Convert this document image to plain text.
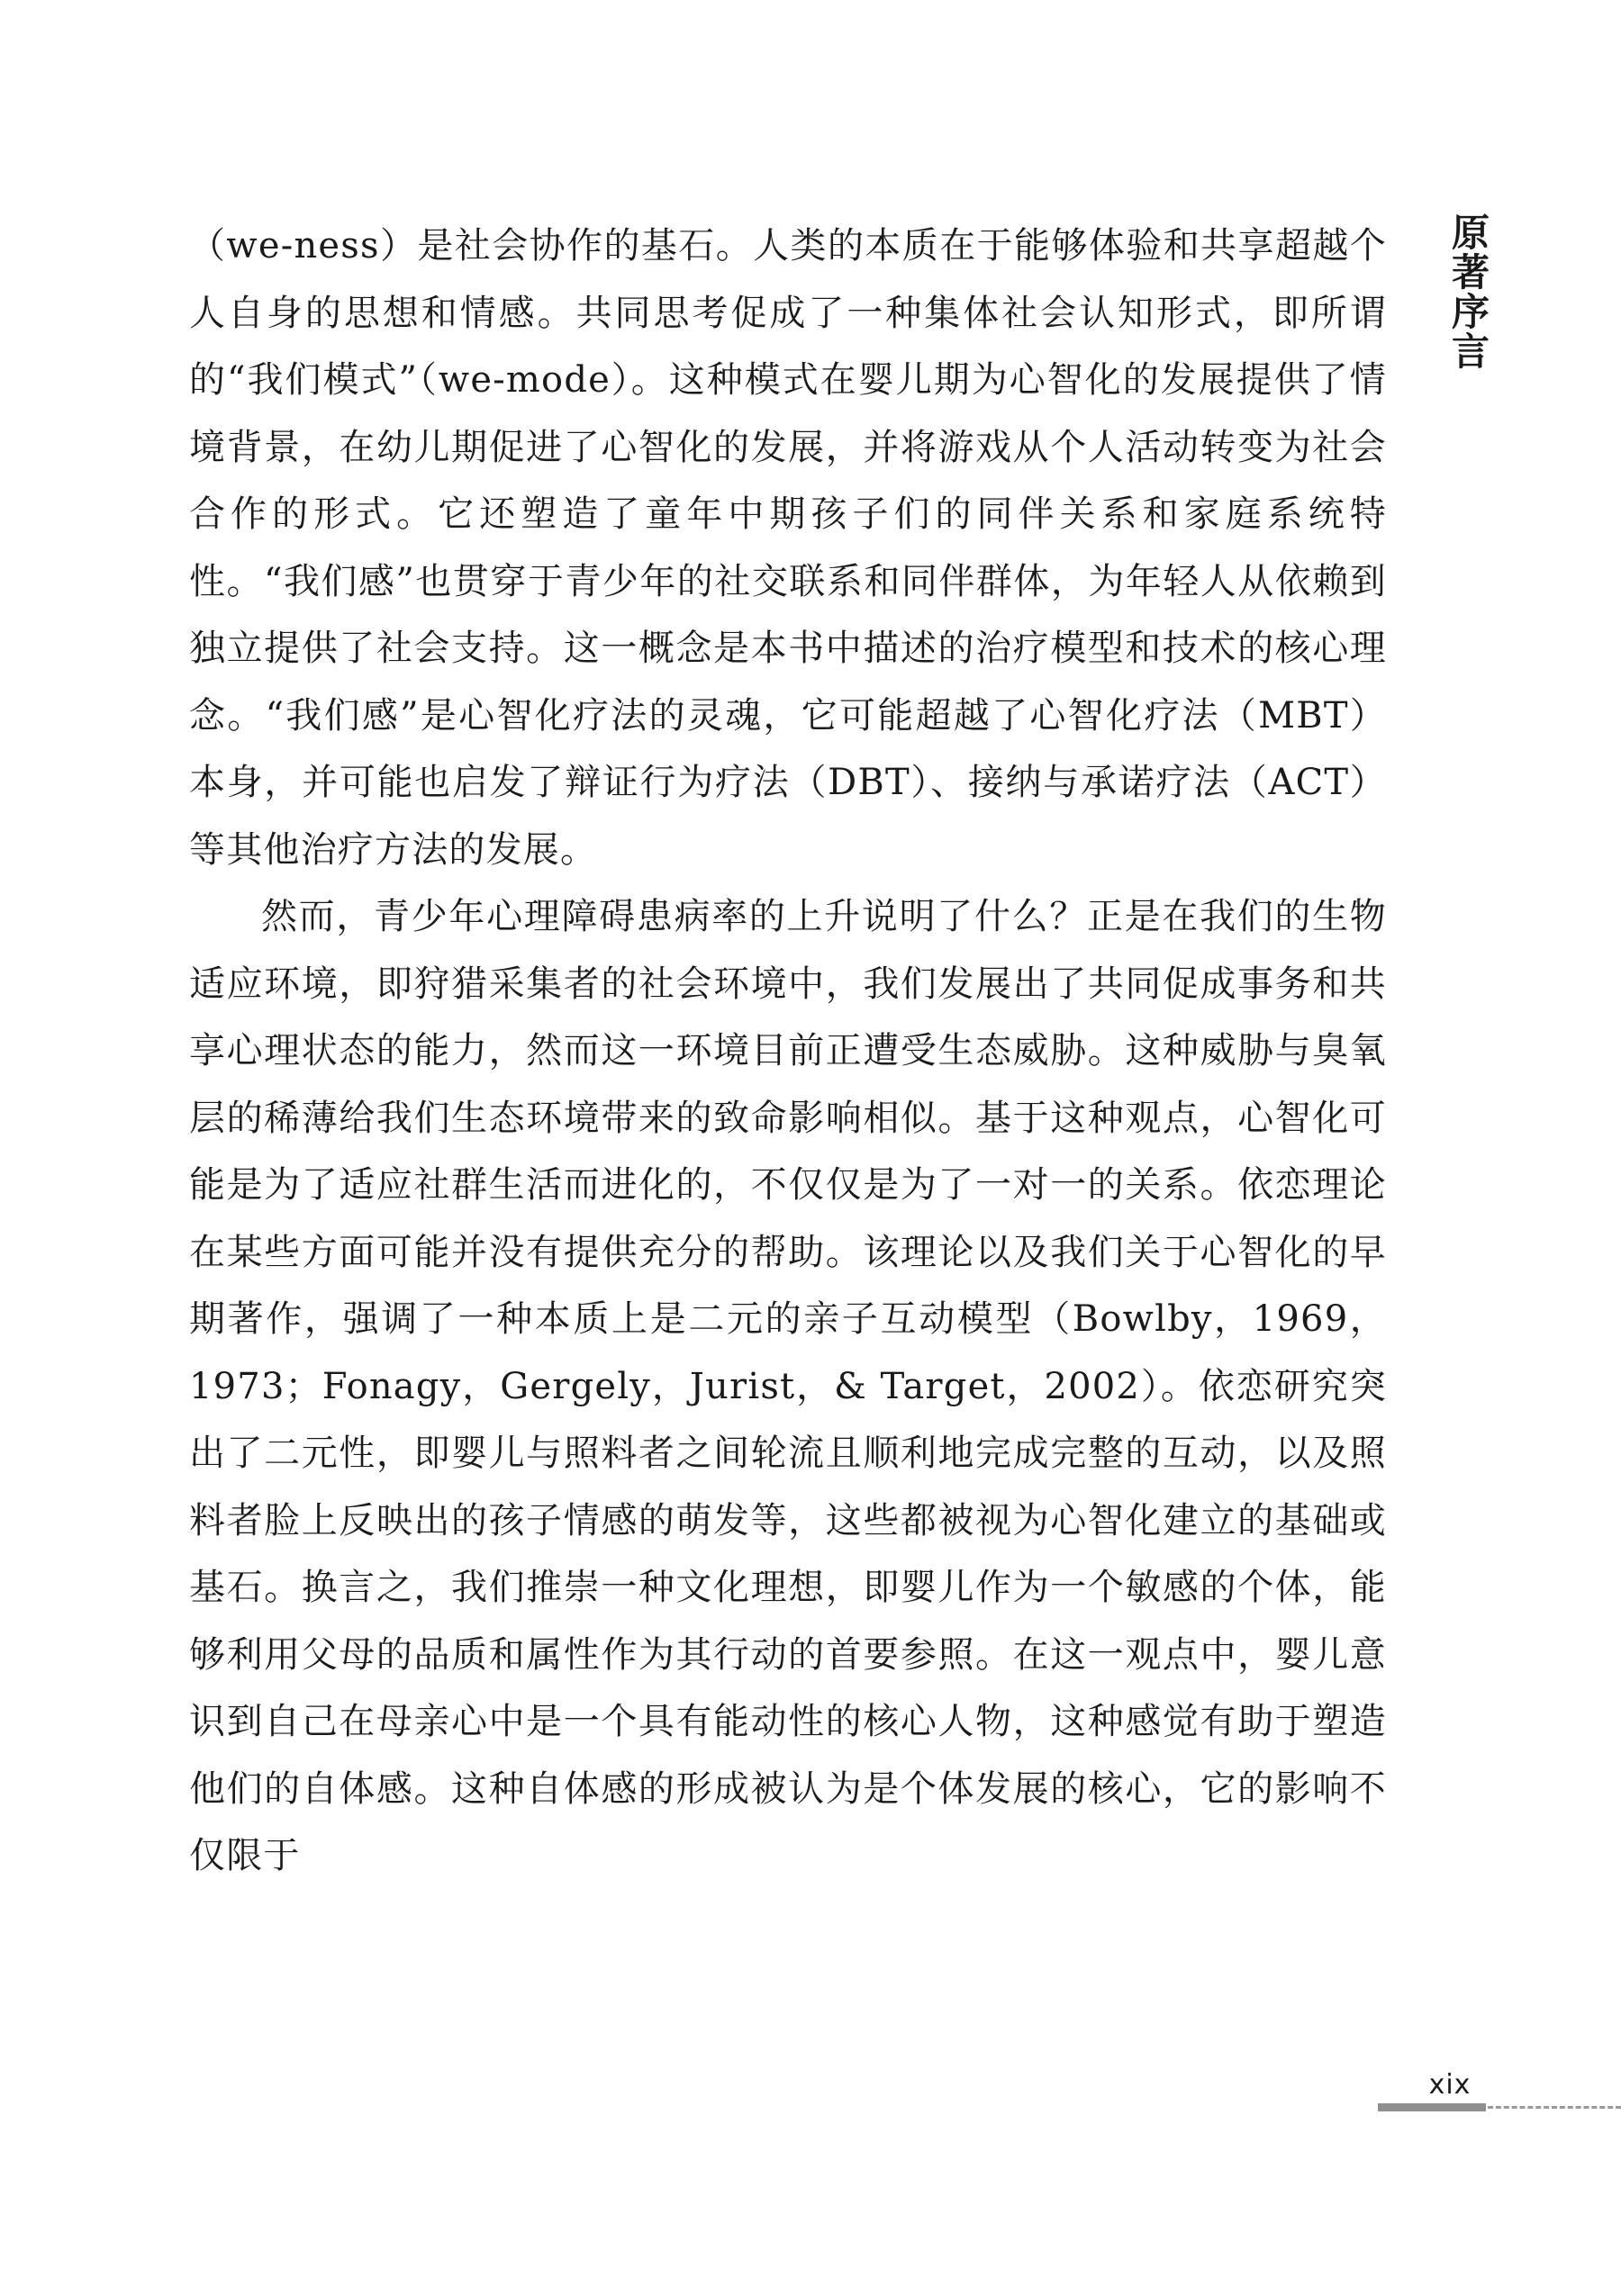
（we-ness）是社会协作的基石。人类的本质在于能够体验和共享超越个人自身的思想和情感。共同思考促成了一种集体社会认知形式，即所谓的“我们模式”（we-mode）。这种模式在婴儿期为心智化的发展提供了情境背景，在幼儿期促进了心智化的发展，并将游戏从个人活动转变为社会合作的形式。它还塑造了童年中期孩子们的同伴关系和家庭系统特性。“我们感”也贯穿于青少年的社交联系和同伴群体，为年轻人从依赖到独立提供了社会支持。这一概念是本书中描述的治疗模型和技术的核心理念。“我们感”是心智化疗法的灵魂，它可能超越了心智化疗法（MBT）本身，并可能也启发了辩证行为疗法（DBT）、接纳与承诺疗法（ACT）等其他治疗方法的发展。

然而，青少年心理障碍患病率的上升说明了什么？正是在我们的生物适应环境，即狩猎采集者的社会环境中，我们发展出了共同促成事务和共享心理状态的能力，然而这一环境目前正遭受生态威胁。这种威胁与臭氧层的稀薄给我们生态环境带来的致命影响相似。基于这种观点，心智化可能是为了适应社群生活而进化的，不仅仅是为了一对一的关系。依恋理论在某些方面可能并没有提供充分的帮助。该理论以及我们关于心智化的早期著作，强调了一种本质上是二元的亲子互动模型（Bowlby，1969，1973；Fonagy，Gergely，Jurist，& Target，2002）。依恋研究突出了二元性，即婴儿与照料者之间轮流且顺利地完成完整的互动，以及照料者脸上反映出的孩子情感的萌发等，这些都被视为心智化建立的基础或基石。换言之，我们推崇一种文化理想，即婴儿作为一个敏感的个体，能够利用父母的品质和属性作为其行动的首要参照。在这一观点中，婴儿意识到自己在母亲心中是一个具有能动性的核心人物，这种感觉有助于塑造他们的自体感。这种自体感的形成被认为是个体发展的核心，它的影响不仅限于

原著序言
xix
